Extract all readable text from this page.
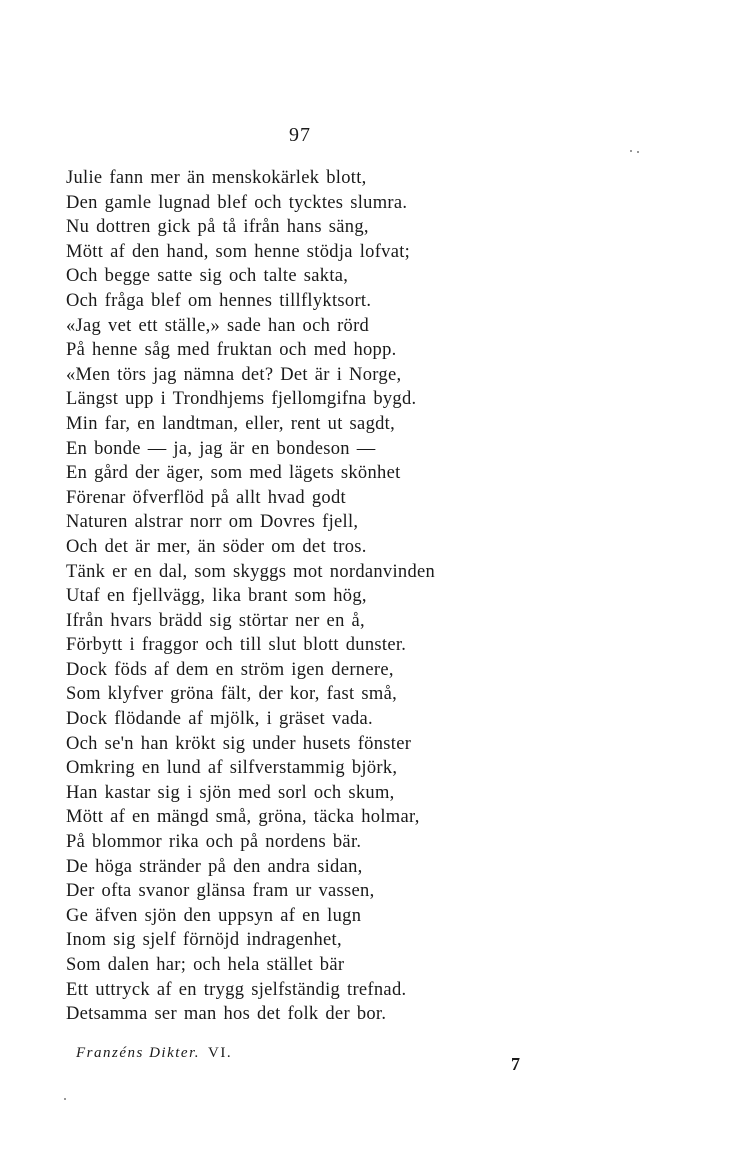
97
Julie fann mer än menskokärlek blott,
Den gamle lugnad blef och tycktes slumra.
Nu dottren gick på tå ifrån hans säng,
Mött af den hand, som henne stödja lofvat;
Och begge satte sig och talte sakta,
Och fråga blef om hennes tillflyktsort.
«Jag vet ett ställe,» sade han och rörd
På henne såg med fruktan och med hopp.
«Men törs jag nämna det? Det är i Norge,
Längst upp i Trondhjems fjellomgifna bygd.
Min far, en landtman, eller, rent ut sagdt,
En bonde — ja, jag är en bondeson —
En gård der äger, som med lägets skönhet
Förenar öfverflöd på allt hvad godt
Naturen alstrar norr om Dovres fjell,
Och det är mer, än söder om det tros.
Tänk er en dal, som skyggs mot nordanvinden
Utaf en fjellvägg, lika brant som hög,
Ifrån hvars brädd sig störtar ner en å,
Förbytt i fraggor och till slut blott dunster.
Dock föds af dem en ström igen dernere,
Som klyfver gröna fält, der kor, fast små,
Dock flödande af mjölk, i gräset vada.
Och se'n han krökt sig under husets fönster
Omkring en lund af silfverstammig björk,
Han kastar sig i sjön med sorl och skum,
Mött af en mängd små, gröna, täcka holmar,
På blommor rika och på nordens bär.
De höga stränder på den andra sidan,
Der ofta svanor glänsa fram ur vassen,
Ge äfven sjön den uppsyn af en lugn
Inom sig sjelf förnöjd indragenhet,
Som dalen har; och hela stället bär
Ett uttryck af en trygg sjelfständig trefnad.
Detsamma ser man hos det folk der bor.
Franzéns Dikter. VI.
7
